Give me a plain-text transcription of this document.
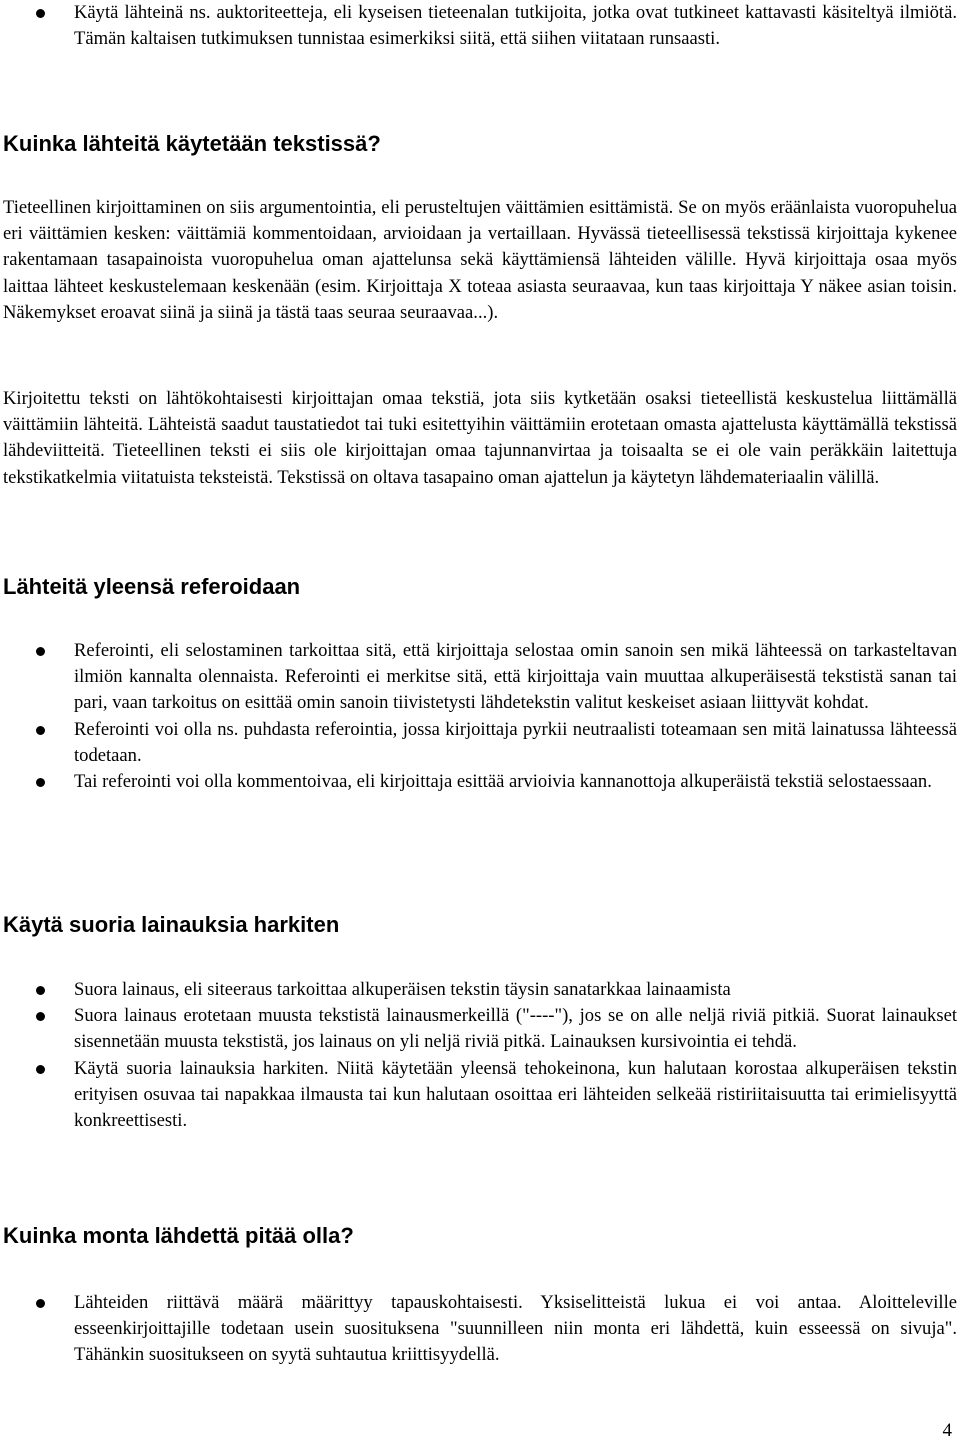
Käytä lähteinä ns. auktoriteetteja, eli kyseisen tieteenalan tutkijoita, jotka ovat tutkineet kattavasti käsiteltyä ilmiötä. Tämän kaltaisen tutkimuksen tunnistaa esimerkiksi siitä, että siihen viitataan runsaasti.
Kuinka lähteitä käytetään tekstissä?

Tieteellinen kirjoittaminen on siis argumentointia, eli perusteltujen väittämien esittämistä. Se on myös eräänlaista vuoropuhelua eri väittämien kesken: väittämiä kommentoidaan, arvioidaan ja vertaillaan. Hyvässä tieteellisessä tekstissä kirjoittaja kykenee rakentamaan tasapainoista vuoropuhelua oman ajattelunsa sekä käyttämiensä lähteiden välille. Hyvä kirjoittaja osaa myös laittaa lähteet keskustelemaan keskenään (esim. Kirjoittaja X toteaa asiasta seuraavaa, kun taas kirjoittaja Y näkee asian toisin. Näkemykset eroavat siinä ja siinä ja tästä taas seuraa seuraavaa...).

Kirjoitettu teksti on lähtökohtaisesti kirjoittajan omaa tekstiä, jota siis kytketään osaksi tieteellistä keskustelua liittämällä väittämiin lähteitä. Lähteistä saadut taustatiedot tai tuki esitettyihin väittämiin erotetaan omasta ajattelusta käyttämällä tekstissä lähdeviitteitä. Tieteellinen teksti ei siis ole kirjoittajan omaa tajunnanvirtaa ja toisaalta se ei ole vain peräkkäin laitettuja tekstikatkelmia viitatuista teksteistä. Tekstissä on oltava tasapaino oman ajattelun ja käytetyn lähdemateriaalin välillä.

Lähteitä yleensä referoidaan
Referointi, eli selostaminen tarkoittaa sitä, että kirjoittaja selostaa omin sanoin sen mikä lähteessä on tarkasteltavan ilmiön kannalta olennaista. Referointi ei merkitse sitä, että kirjoittaja vain muuttaa alkuperäisestä tekstistä sanan tai pari, vaan tarkoitus on esittää omin sanoin tiivistetysti lähdetekstin valitut keskeiset asiaan liittyvät kohdat.
Referointi voi olla ns. puhdasta referointia, jossa kirjoittaja pyrkii neutraalisti toteamaan sen mitä lainatussa lähteessä todetaan.
Tai referointi voi olla kommentoivaa, eli kirjoittaja esittää arvioivia kannanottoja alkuperäistä tekstiä selostaessaan.
Käytä suoria lainauksia harkiten
Suora lainaus, eli siteeraus tarkoittaa alkuperäisen tekstin täysin sanatarkkaa lainaamista
Suora lainaus erotetaan muusta tekstistä lainausmerkeillä ("----"), jos se on alle neljä riviä pitkiä. Suorat lainaukset sisennetään muusta tekstistä, jos lainaus on yli neljä riviä pitkä. Lainauksen kursivointia ei tehdä.
Käytä suoria lainauksia harkiten. Niitä käytetään yleensä tehokeinona, kun halutaan korostaa alkuperäisen tekstin erityisen osuvaa tai napakkaa ilmausta tai kun halutaan osoittaa eri lähteiden selkeää ristiriitaisuutta tai erimielisyyttä konkreettisesti.
Kuinka monta lähdettä pitää olla?
Lähteiden riittävä määrä määrittyy tapauskohtaisesti. Yksiselitteistä lukua ei voi antaa. Aloitteleville esseenkirjoittajille todetaan usein suosituksena "suunnilleen niin monta eri lähdettä, kuin esseessä on sivuja". Tähänkin suositukseen on syytä suhtautua kriittisyydellä.
4
